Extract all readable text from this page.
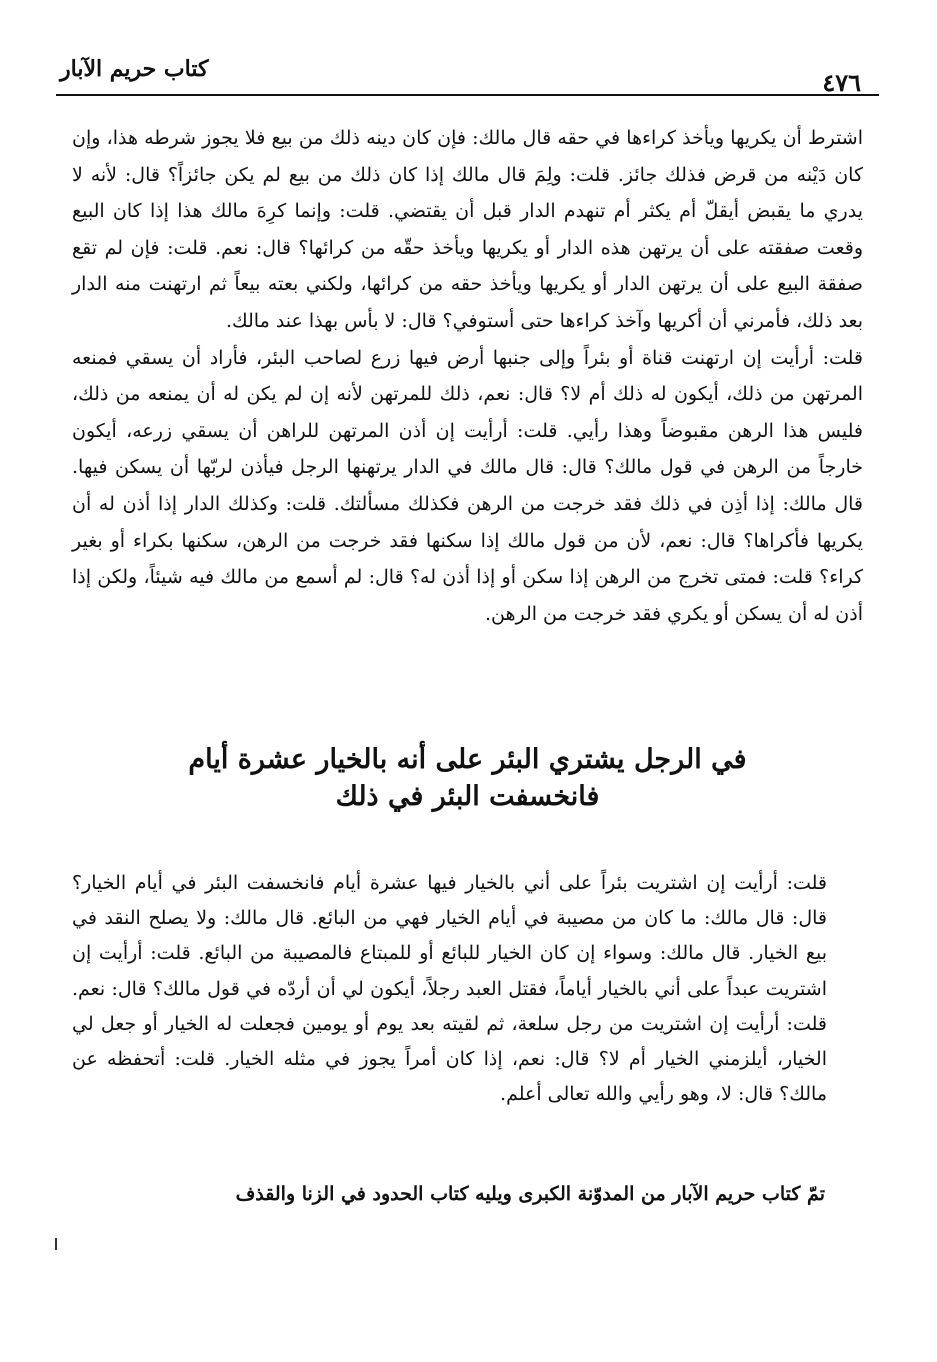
٤٧٦
كتاب حريم الآبار

اشترط أن يكريها ويأخذ كراءها في حقه قال مالك: فإن كان دينه ذلك من بيع فلا يجوز شرطه هذا، وإن كان دَيْنه من قرض فذلك جائز. قلت: ولِمَ قال مالك إذا كان ذلك من بيع لم يكن جائزاً؟ قال: لأنه لا يدري ما يقبض أيقلّ أم يكثر أم تنهدم الدار قبل أن يقتضي. قلت: وإنما كرِهَ مالك هذا إذا كان البيع وقعت صفقته على أن يرتهن هذه الدار أو يكريها ويأخذ حقّه من كرائها؟ قال: نعم. قلت: فإن لم تقع صفقة البيع على أن يرتهن الدار أو يكريها ويأخذ حقه من كرائها، ولكني بعته بيعاً ثم ارتهنت منه الدار بعد ذلك، فأمرني أن أكريها وآخذ كراءها حتى أستوفي؟ قال: لا بأس بهذا عند مالك.

قلت: أرأيت إن ارتهنت قناة أو بئراً وإلى جنبها أرض فيها زرع لصاحب البئر، فأراد أن يسقي فمنعه المرتهن من ذلك، أيكون له ذلك أم لا؟ قال: نعم، ذلك للمرتهن لأنه إن لم يكن له أن يمنعه من ذلك، فليس هذا الرهن مقبوضاً وهذا رأيي. قلت: أرأيت إن أذن المرتهن للراهن أن يسقي زرعه، أيكون خارجاً من الرهن في قول مالك؟ قال: قال مالك في الدار يرتهنها الرجل فيأذن لربّها أن يسكن فيها. قال مالك: إذا أذِن في ذلك فقد خرجت من الرهن فكذلك مسألتك. قلت: وكذلك الدار إذا أذن له أن يكريها فأكراها؟ قال: نعم، لأن من قول مالك إذا سكنها فقد خرجت من الرهن، سكنها بكراء أو بغير كراء؟ قلت: فمتى تخرج من الرهن إذا سكن أو إذا أذن له؟ قال: لم أسمع من مالك فيه شيئاً، ولكن إذا أذن له أن يسكن أو يكري فقد خرجت من الرهن.

في الرجل يشتري البئر على أنه بالخيار عشرة أيام
فانخسفت البئر في ذلك

قلت: أرأيت إن اشتريت بئراً على أني بالخيار فيها عشرة أيام فانخسفت البئر في أيام الخيار؟ قال: قال مالك: ما كان من مصيبة في أيام الخيار فهي من البائع. قال مالك: ولا يصلح النقد في بيع الخيار. قال مالك: وسواء إن كان الخيار للبائع أو للمبتاع فالمصيبة من البائع. قلت: أرأيت إن اشتريت عبداً على أني بالخيار أياماً، فقتل العبد رجلاً، أيكون لي أن أردّه في قول مالك؟ قال: نعم. قلت: أرأيت إن اشتريت من رجل سلعة، ثم لقيته بعد يوم أو يومين فجعلت له الخيار أو جعل لي الخيار، أيلزمني الخيار أم لا؟ قال: نعم، إذا كان أمراً يجوز في مثله الخيار. قلت: أتحفظه عن مالك؟ قال: لا، وهو رأيي والله تعالى أعلم.

تمّ كتاب حريم الآبار من المدوّنة الكبرى ويليه كتاب الحدود في الزنا والقذف
